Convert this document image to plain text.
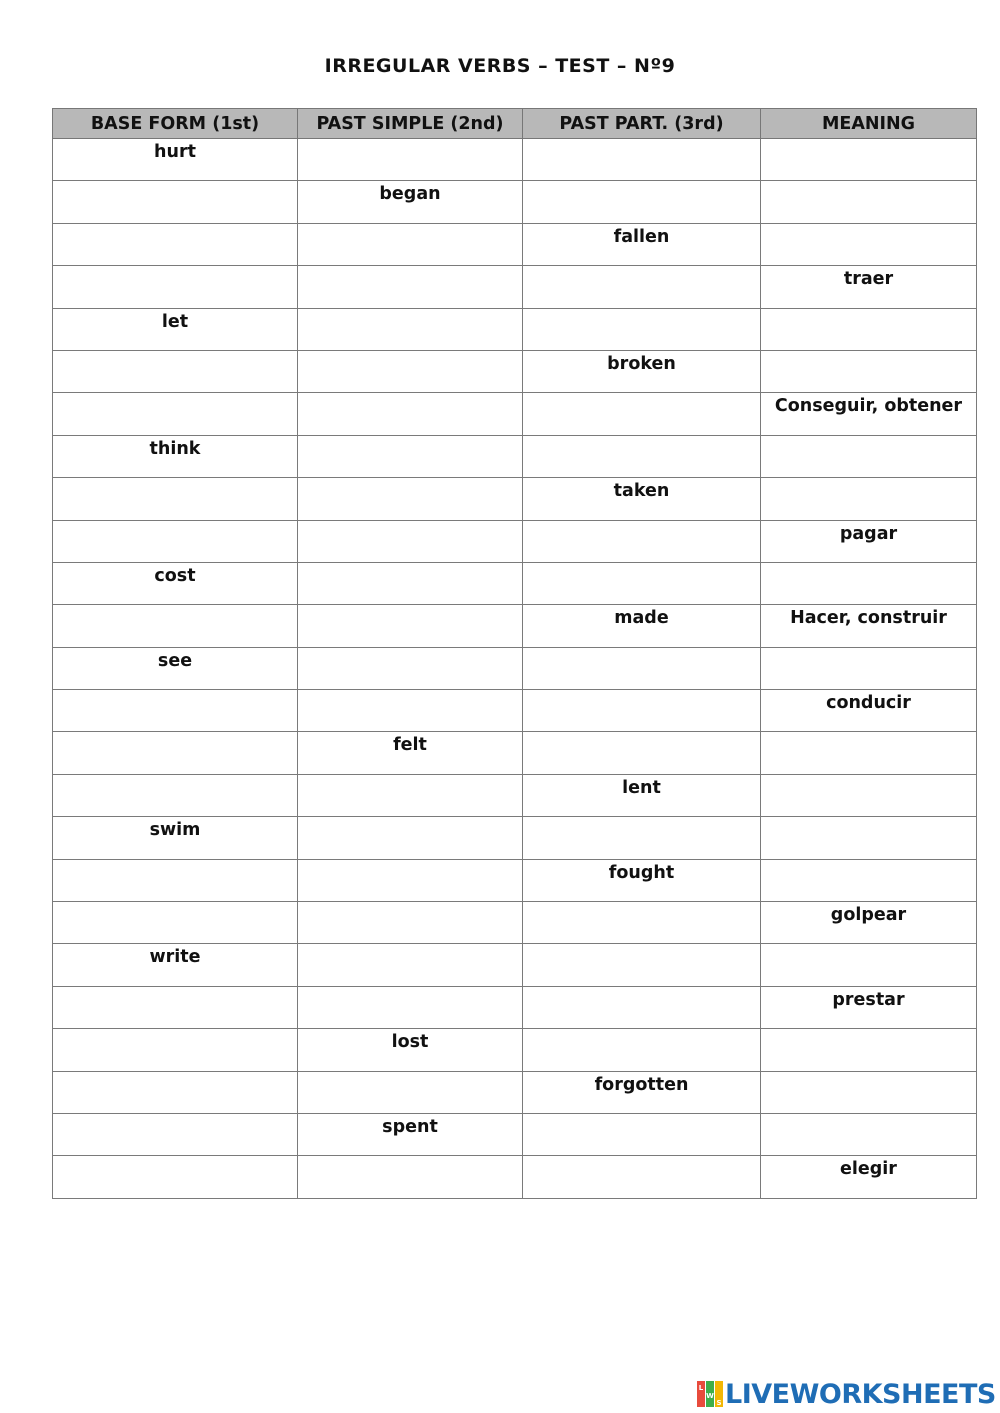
IRREGULAR VERBS – TEST – Nº9
BASE FORM (1st)	PAST SIMPLE (2nd)	PAST PART. (3rd)	MEANING
hurt			
	began		
		fallen	
			traer
let			
		broken	
			Conseguir, obtener
think			
		taken	
			pagar
cost			
		made	Hacer, construir
see			
			conducir
	felt		
		lent	
swim			
		fought	
			golpear
write			
			prestar
	lost		
		forgotten	
	spent		
			elegir
L
W
S LIVEWORKSHEETS
